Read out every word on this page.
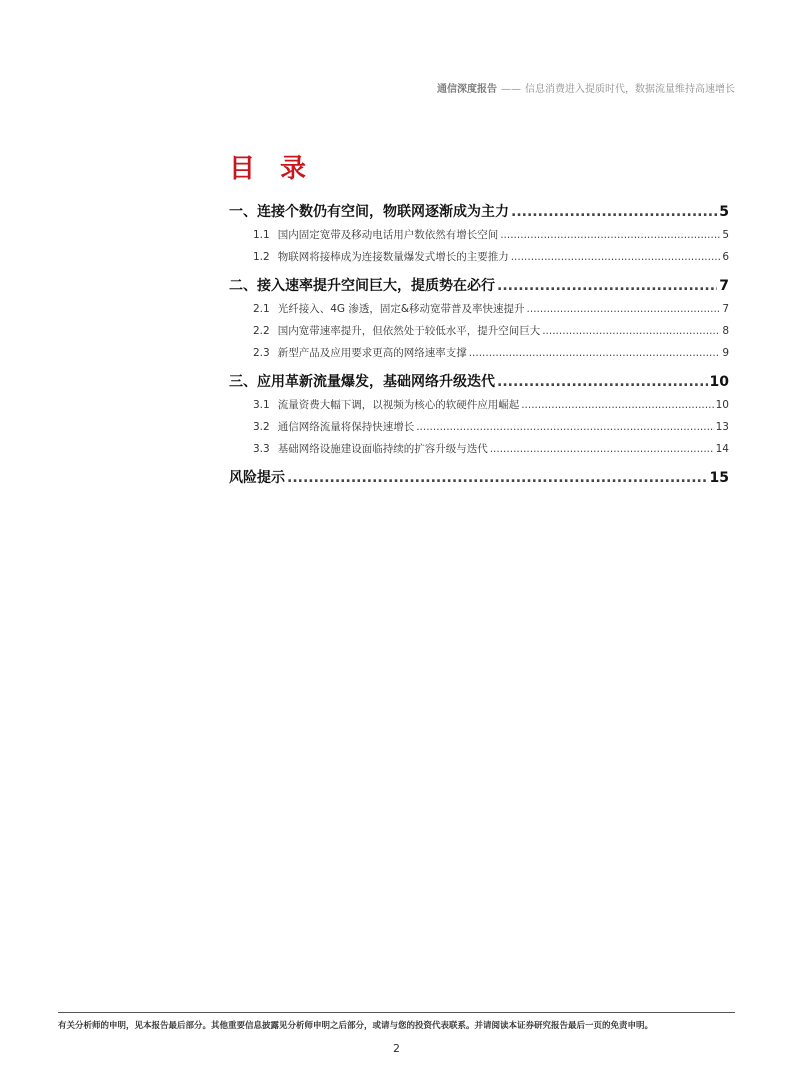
通信深度报告 —— 信息消费进入提质时代，数据流量维持高速增长
目 录
一、连接个数仍有空间，物联网逐渐成为主力 .....	5
1.1 国内固定宽带及移动电话用户数依然有增长空间 .....	5
1.2 物联网将接棒成为连接数量爆发式增长的主要推力 .....	6
二、接入速率提升空间巨大，提质势在必行 .....	7
2.1 光纤接入、4G 渗透，固定&移动宽带普及率快速提升 .....	7
2.2 国内宽带速率提升，但依然处于较低水平，提升空间巨大 .....	8
2.3 新型产品及应用要求更高的网络速率支撑 .....	9
三、应用革新流量爆发，基础网络升级迭代 .....	10
3.1 流量资费大幅下调，以视频为核心的软硬件应用崛起 .....	10
3.2 通信网络流量将保持快速增长 .....	13
3.3 基础网络设施建设面临持续的扩容升级与迭代 .....	14
风险提示 .....	15
有关分析师的申明，见本报告最后部分。其他重要信息披露见分析师申明之后部分，或请与您的投资代表联系。并请阅读本证券研究报告最后一页的免责申明。
2
